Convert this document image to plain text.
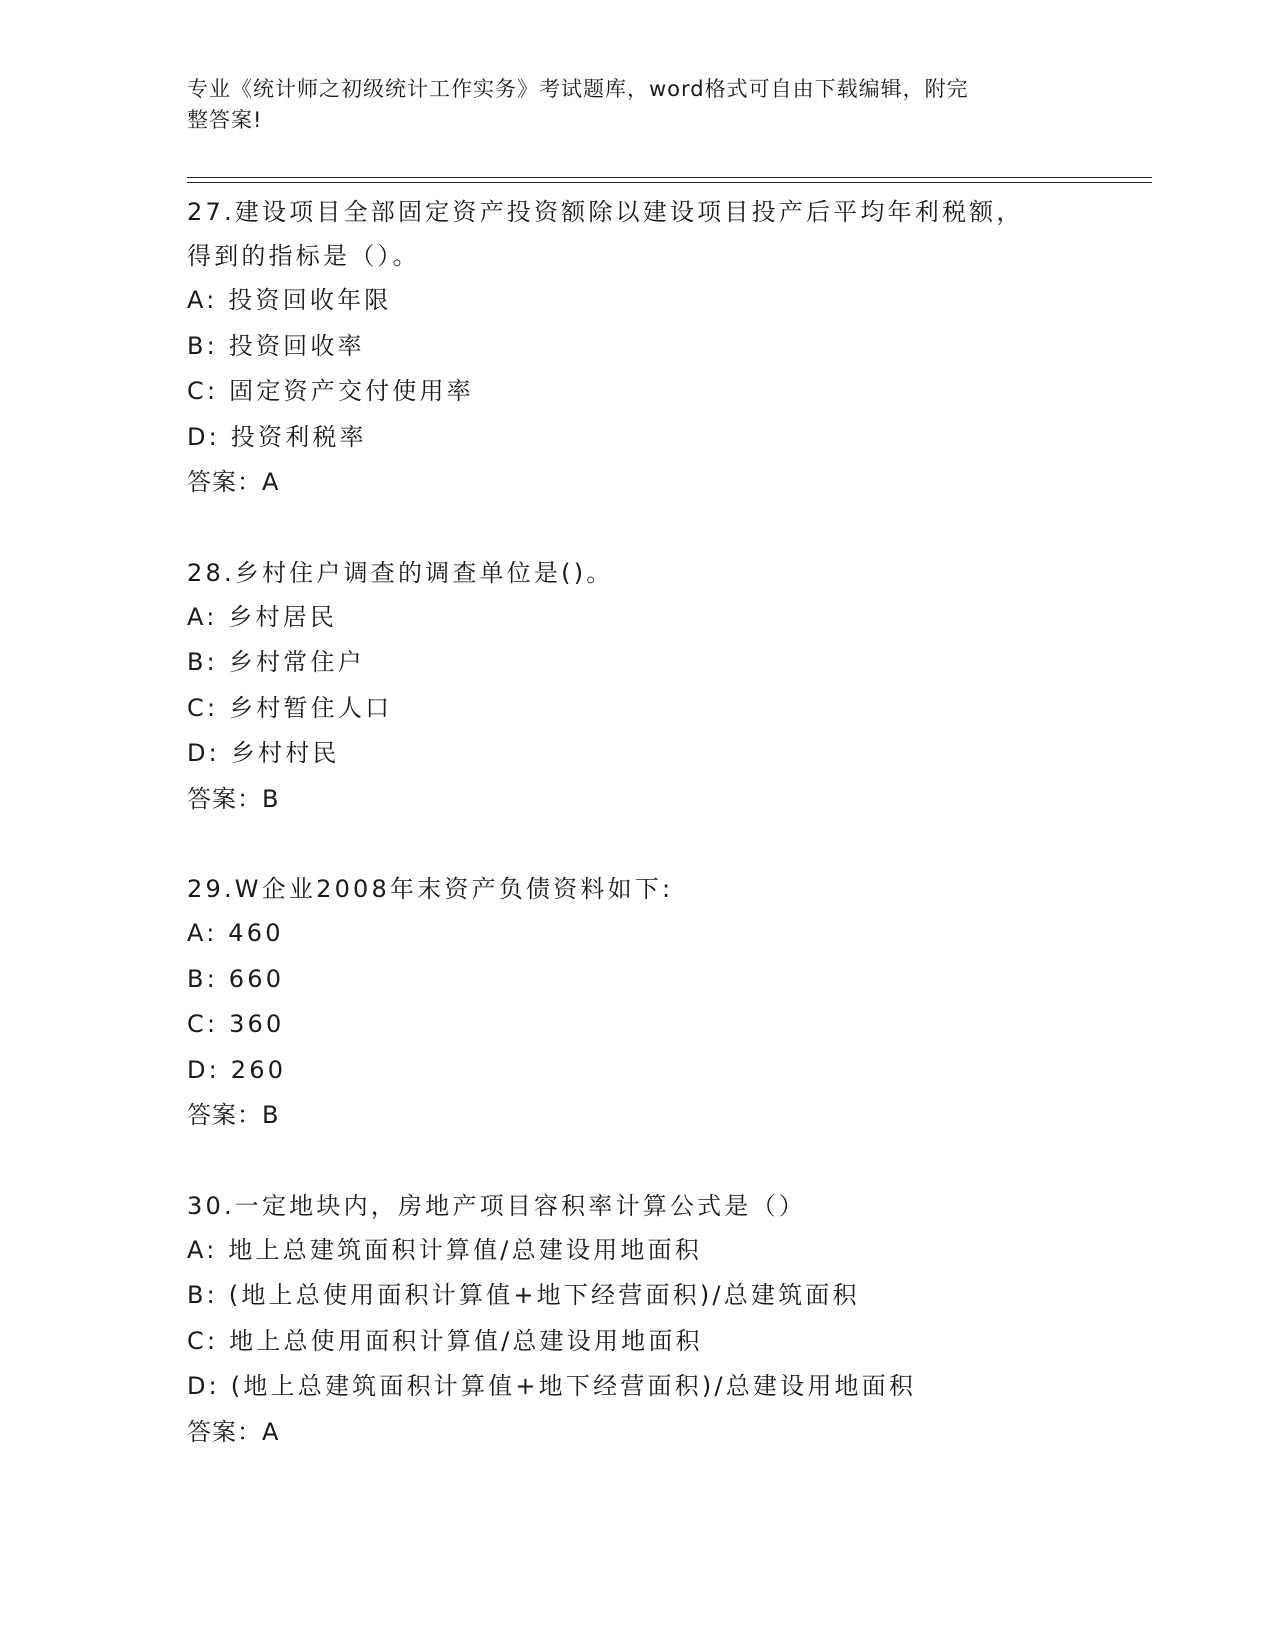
专业《统计师之初级统计工作实务》考试题库，word格式可自由下载编辑，附完
整答案!
27.建设项目全部固定资产投资额除以建设项目投产后平均年利税额，
得到的指标是（）。
A: 投资回收年限
B: 投资回收率
C: 固定资产交付使用率
D: 投资利税率
答案：A
28.乡村住户调查的调查单位是()。
A: 乡村居民
B: 乡村常住户
C: 乡村暂住人口
D: 乡村村民
答案：B
29.W企业2008年末资产负债资料如下:
A: 460
B: 660
C: 360
D: 260
答案：B
30.一定地块内，房地产项目容积率计算公式是（）
A: 地上总建筑面积计算值/总建设用地面积
B: (地上总使用面积计算值+地下经营面积)/总建筑面积
C: 地上总使用面积计算值/总建设用地面积
D: (地上总建筑面积计算值+地下经营面积)/总建设用地面积
答案：A
